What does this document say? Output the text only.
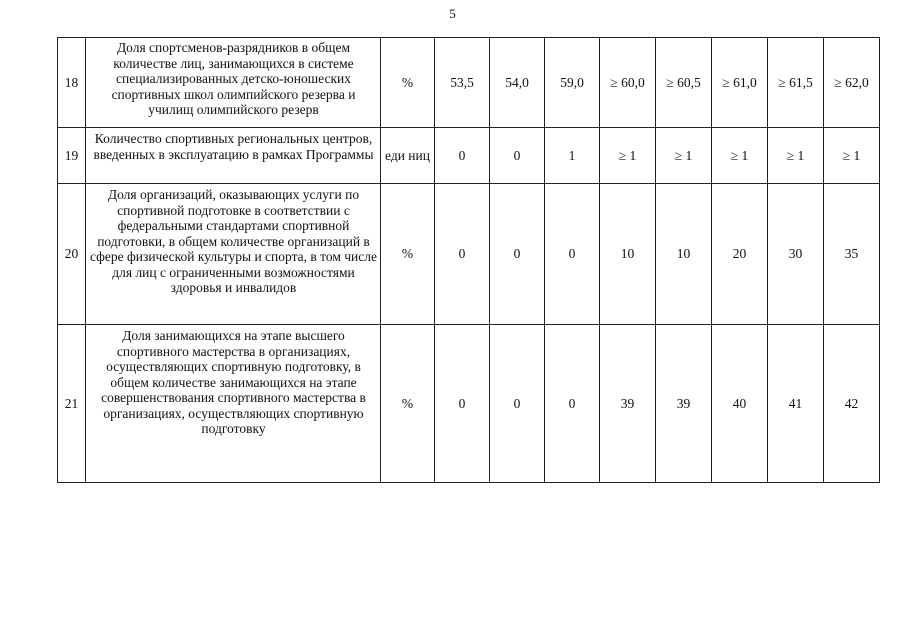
5
18	Доля спортсменов-разрядников в общем количестве лиц, занимающихся в системе специализированных детско-юношеских спортивных школ олимпийского резерва и училищ олимпийского резерв	%	53,5	54,0	59,0	≥ 60,0	≥ 60,5	≥ 61,0	≥ 61,5	≥ 62,0
19	Количество спортивных региональных центров, введенных в эксплуатацию в рамках Программы	еди ниц	0	0	1	≥ 1	≥ 1	≥ 1	≥ 1	≥ 1
20	Доля организаций, оказывающих услуги по спортивной подготовке в соответствии с федеральными стандартами спортивной подготовки, в общем количестве организаций в сфере физической культуры и спорта, в том числе для лиц с ограниченными возможностями здоровья и инвалидов	%	0	0	0	10	10	20	30	35
21	Доля занимающихся на этапе высшего спортивного мастерства в организациях, осуществляющих спортивную подготовку, в общем количестве занимающихся на этапе совершенствования спортивного мастерства в организациях, осуществляющих спортивную подготовку	%	0	0	0	39	39	40	41	42
